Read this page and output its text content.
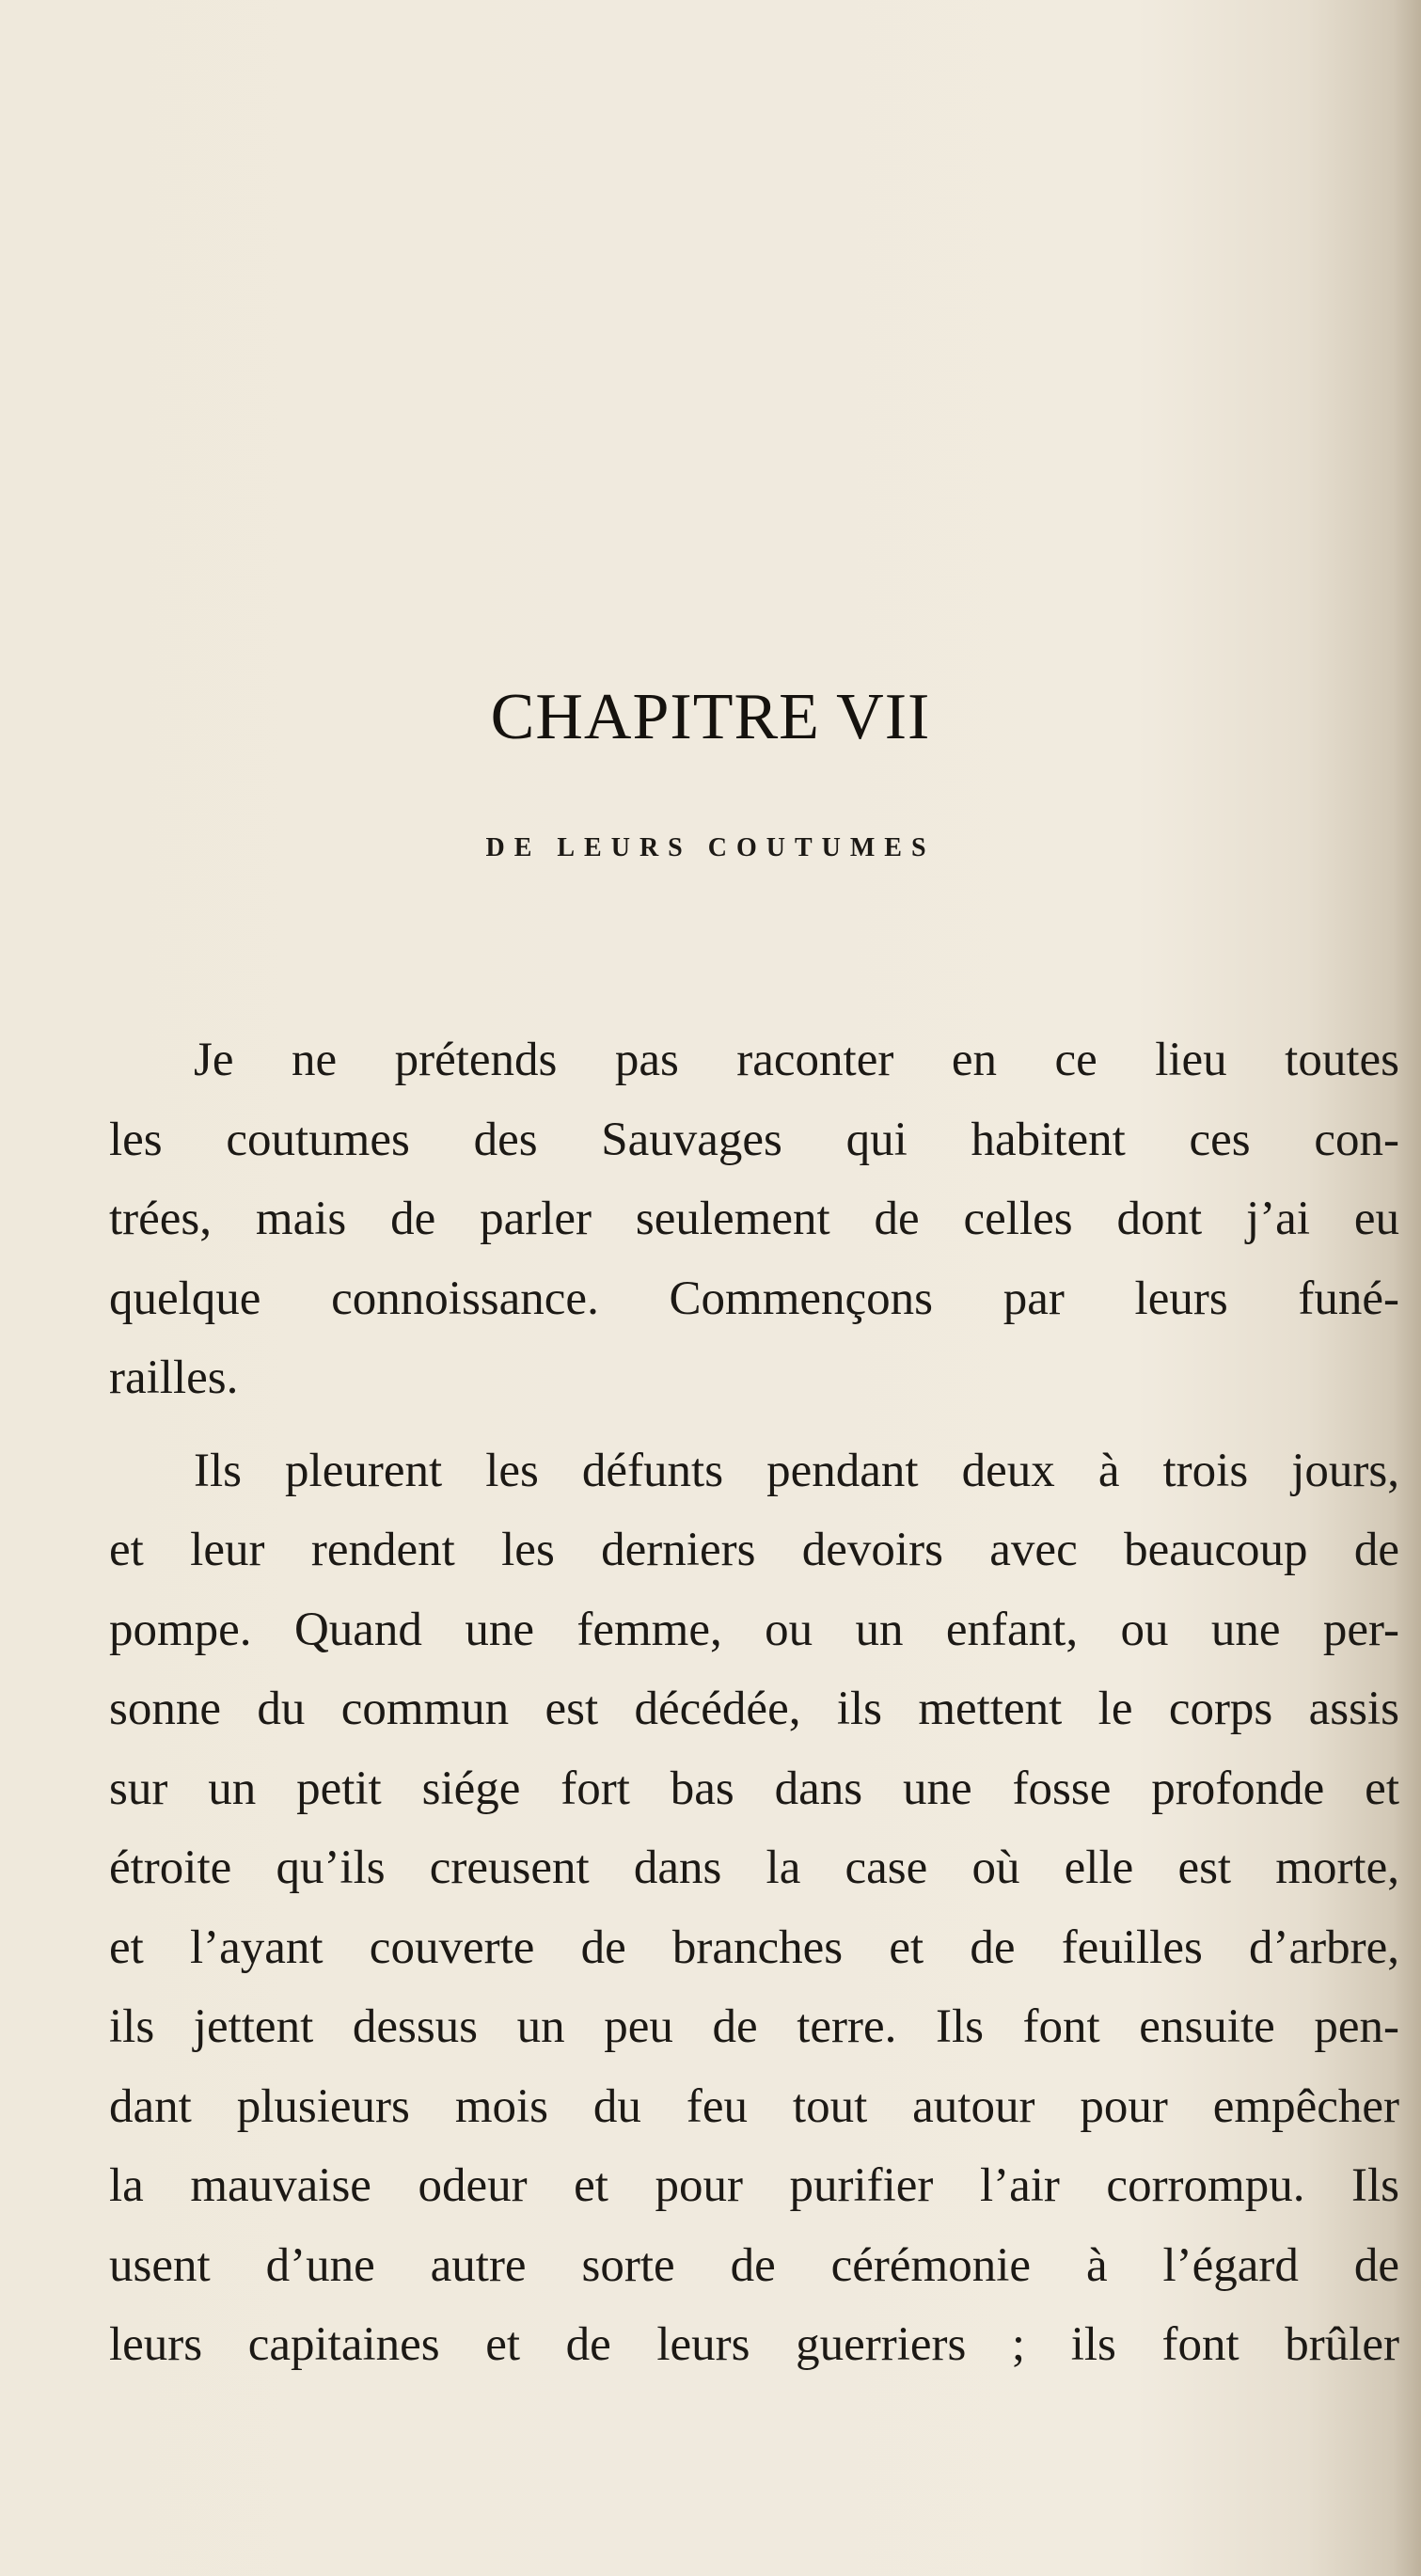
CHAPITRE VII
DE LEURS COUTUMES
Je ne prétends pas raconter en ce lieu toutes
les coutumes des Sauvages qui habitent ces con-
trées, mais de parler seulement de celles dont j’ai eu
quelque connoissance. Commençons par leurs funé-
railles.
Ils pleurent les défunts pendant deux à trois jours,
et leur rendent les derniers devoirs avec beaucoup de
pompe. Quand une femme, ou un enfant, ou une per-
sonne du commun est décédée, ils mettent le corps assis
sur un petit siége fort bas dans une fosse profonde et
étroite qu’ils creusent dans la case où elle est morte,
et l’ayant couverte de branches et de feuilles d’arbre,
ils jettent dessus un peu de terre. Ils font ensuite pen-
dant plusieurs mois du feu tout autour pour empêcher
la mauvaise odeur et pour purifier l’air corrompu. Ils
usent d’une autre sorte de cérémonie à l’égard de
leurs capitaines et de leurs guerriers ; ils font brûler
